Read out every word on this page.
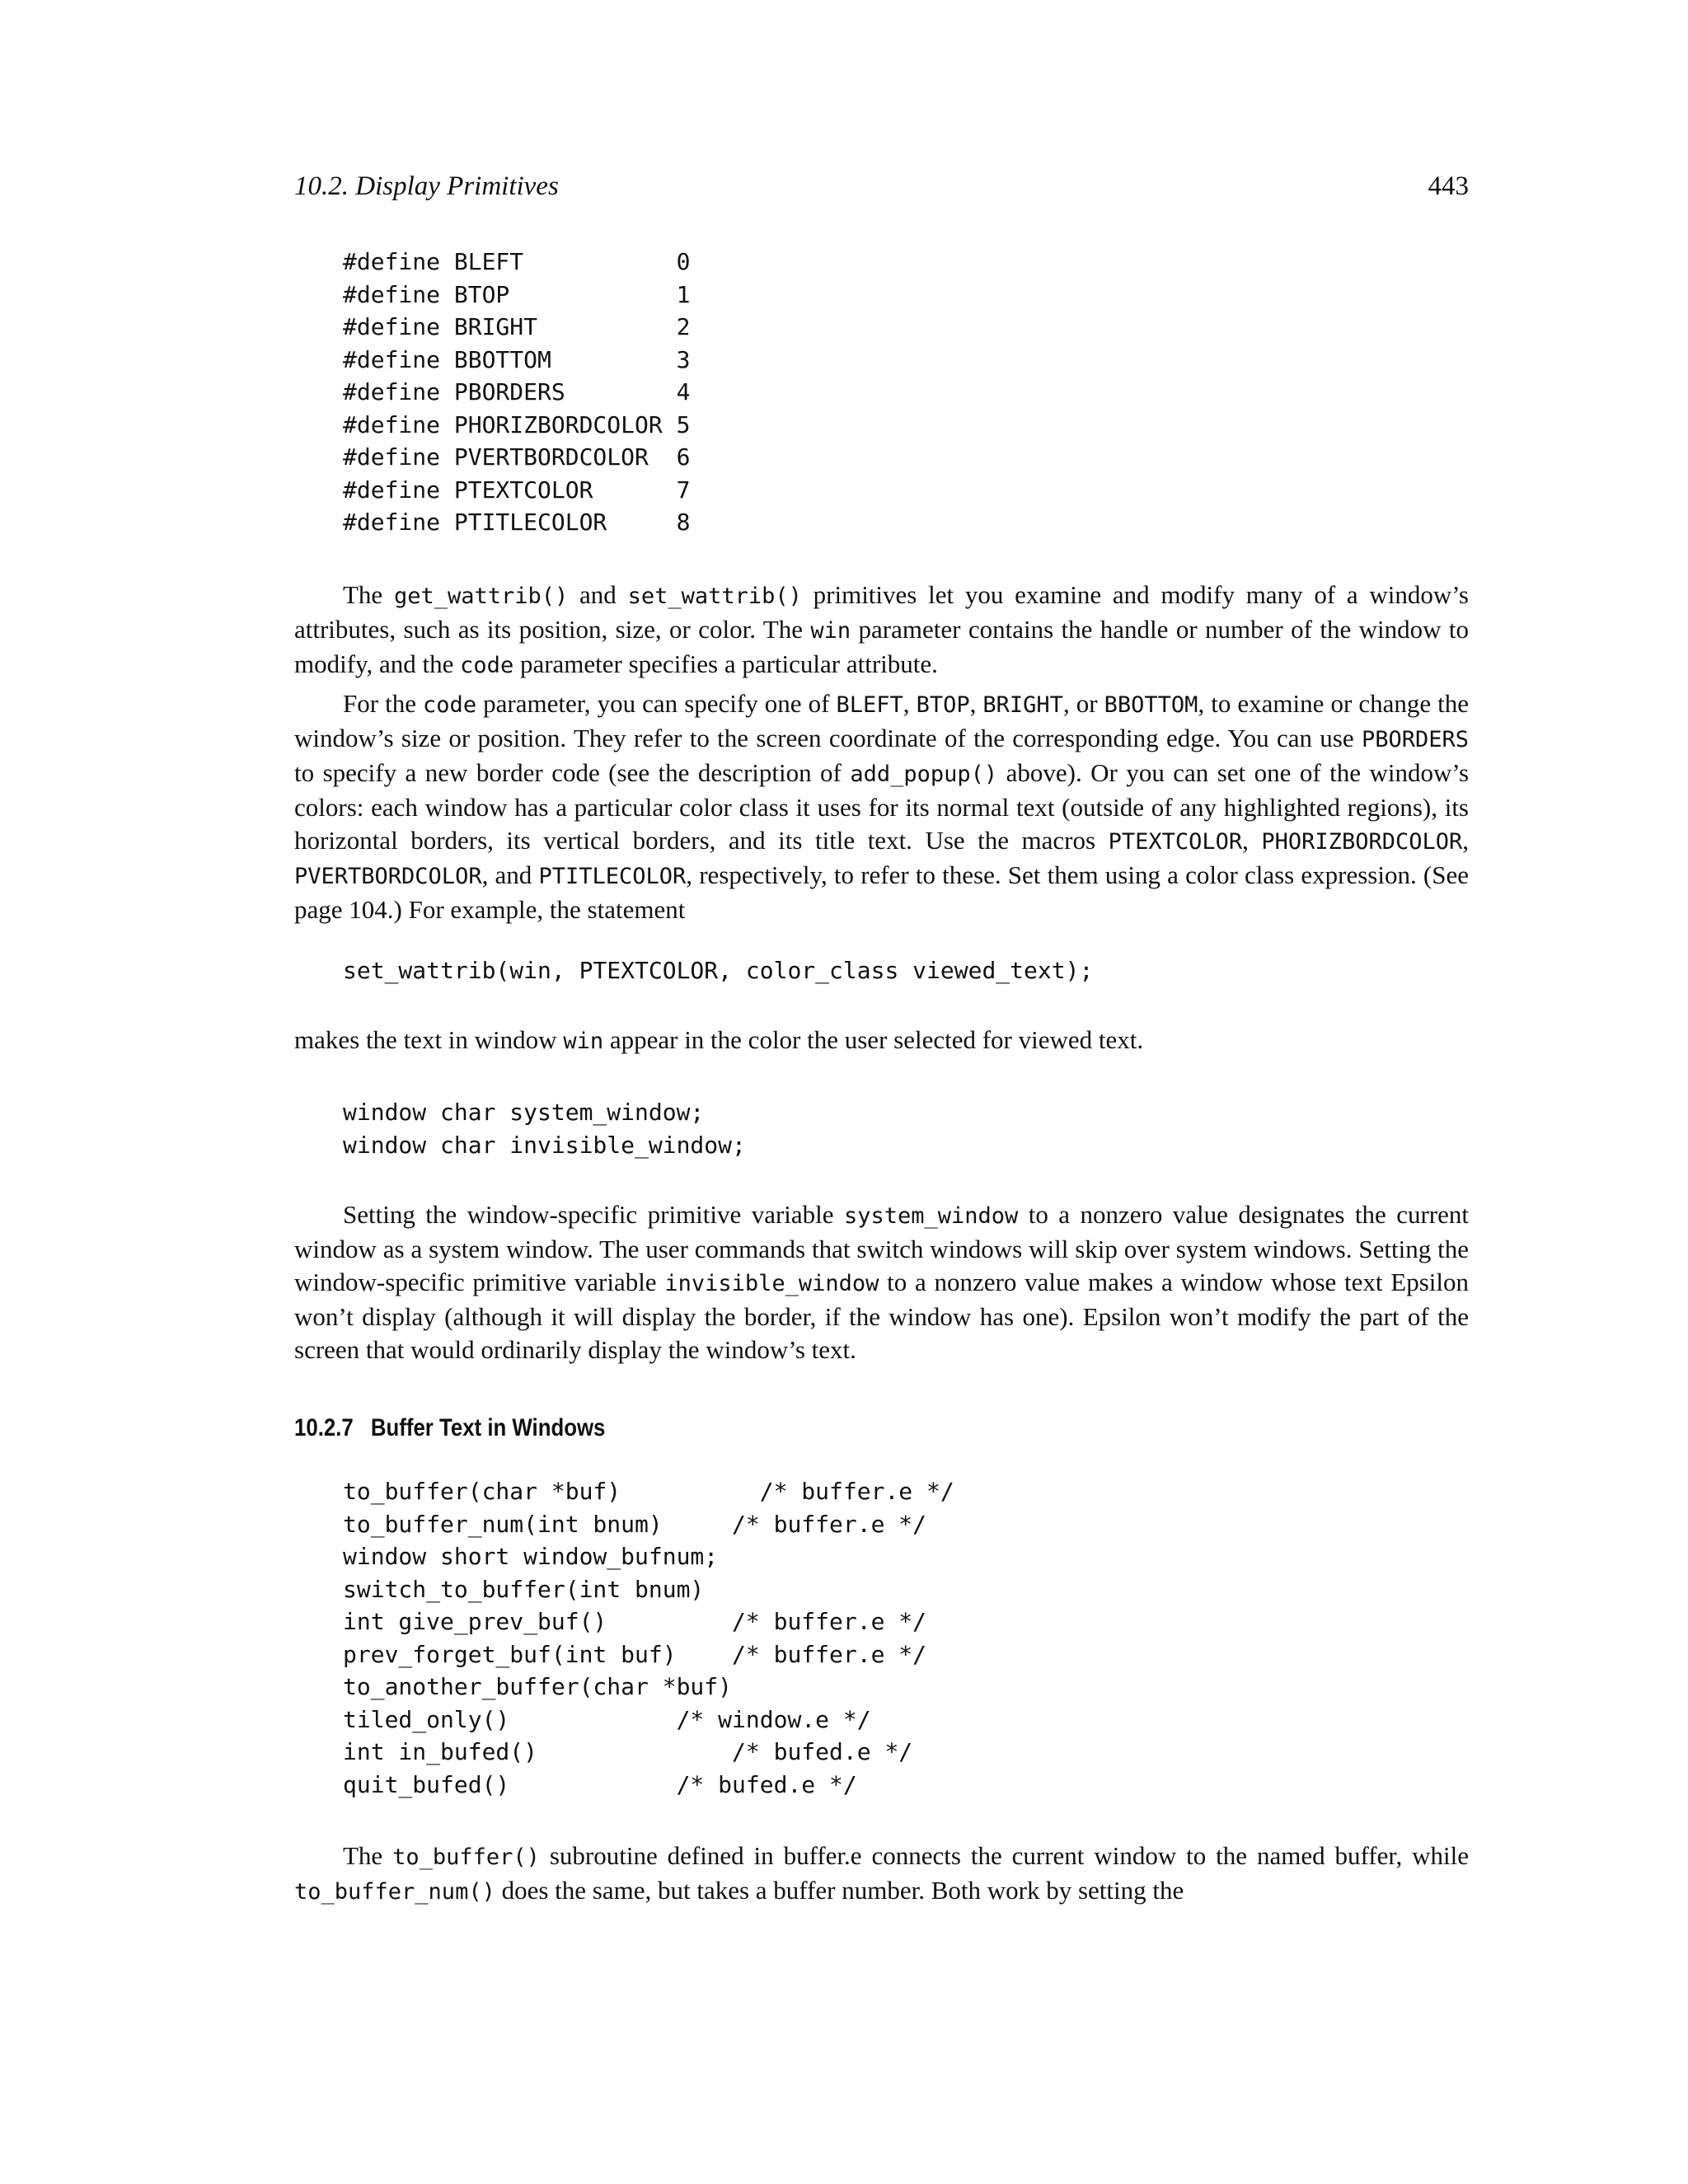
10.2. Display Primitives	443
#define BLEFT           0
#define BTOP            1
#define BRIGHT          2
#define BBOTTOM         3
#define PBORDERS        4
#define PHORIZBORDCOLOR 5
#define PVERTBORDCOLOR  6
#define PTEXTCOLOR      7
#define PTITLECOLOR     8
The get_wattrib() and set_wattrib() primitives let you examine and modify many of a window’s attributes, such as its position, size, or color. The win parameter contains the handle or number of the window to modify, and the code parameter specifies a particular attribute.
For the code parameter, you can specify one of BLEFT, BTOP, BRIGHT, or BBOTTOM, to examine or change the window’s size or position. They refer to the screen coordinate of the corresponding edge. You can use PBORDERS to specify a new border code (see the description of add_popup() above). Or you can set one of the window’s colors: each window has a particular color class it uses for its normal text (outside of any highlighted regions), its horizontal borders, its vertical borders, and its title text. Use the macros PTEXTCOLOR, PHORIZBORDCOLOR, PVERTBORDCOLOR, and PTITLECOLOR, respectively, to refer to these. Set them using a color class expression. (See page 104.) For example, the statement
set_wattrib(win, PTEXTCOLOR, color_class viewed_text);
makes the text in window win appear in the color the user selected for viewed text.
window char system_window;
window char invisible_window;
Setting the window-specific primitive variable system_window to a nonzero value designates the current window as a system window. The user commands that switch windows will skip over system windows. Setting the window-specific primitive variable invisible_window to a nonzero value makes a window whose text Epsilon won’t display (although it will display the border, if the window has one). Epsilon won’t modify the part of the screen that would ordinarily display the window’s text.
10.2.7 Buffer Text in Windows
to_buffer(char *buf)          /* buffer.e */
to_buffer_num(int bnum)     /* buffer.e */
window short window_bufnum;
switch_to_buffer(int bnum)
int give_prev_buf()         /* buffer.e */
prev_forget_buf(int buf)    /* buffer.e */
to_another_buffer(char *buf)
tiled_only()            /* window.e */
int in_bufed()              /* bufed.e */
quit_bufed()            /* bufed.e */
The to_buffer() subroutine defined in buffer.e connects the current window to the named buffer, while to_buffer_num() does the same, but takes a buffer number. Both work by setting the
